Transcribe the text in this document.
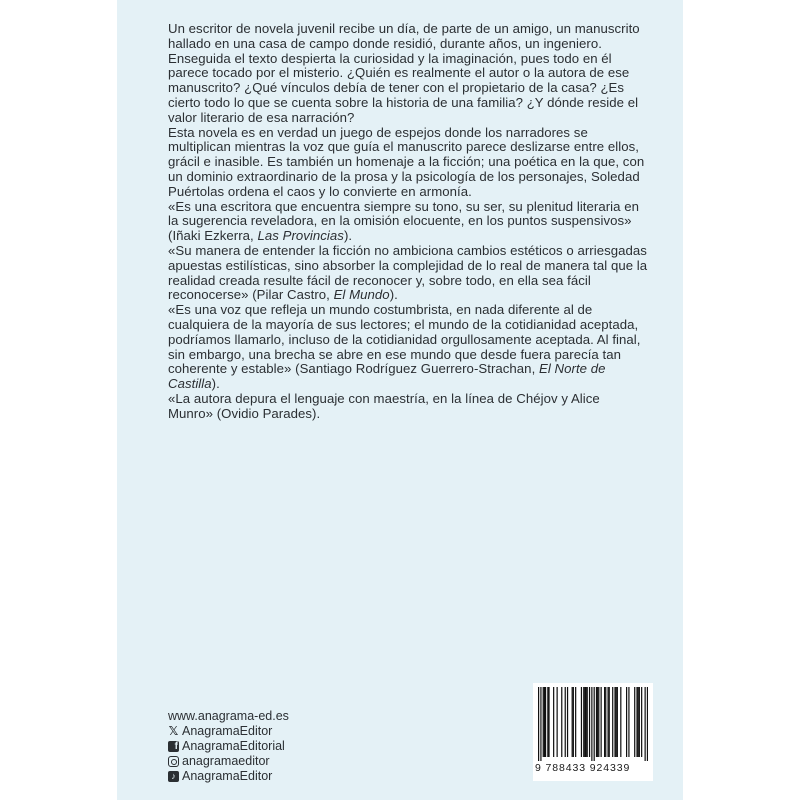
Un escritor de novela juvenil recibe un día, de parte de un amigo, un manuscrito hallado en una casa de campo donde residió, durante años, un ingeniero. Enseguida el texto despierta la curiosidad y la imaginación, pues todo en él parece tocado por el misterio. ¿Quién es realmente el autor o la autora de ese manuscrito? ¿Qué vínculos debía de tener con el propietario de la casa? ¿Es cierto todo lo que se cuenta sobre la historia de una familia? ¿Y dónde reside el valor literario de esa narración?

Esta novela es en verdad un juego de espejos donde los narradores se multiplican mientras la voz que guía el manuscrito parece deslizarse entre ellos, grácil e inasible. Es también un homenaje a la ficción; una poética en la que, con un dominio extraordinario de la prosa y la psicología de los personajes, Soledad Puértolas ordena el caos y lo convierte en armonía.

«Es una escritora que encuentra siempre su tono, su ser, su plenitud literaria en la sugerencia reveladora, en la omisión elocuente, en los puntos suspensivos» (Iñaki Ezkerra, Las Provincias).

«Su manera de entender la ficción no ambiciona cambios estéticos o arriesgadas apuestas estilísticas, sino absorber la complejidad de lo real de manera tal que la realidad creada resulte fácil de reconocer y, sobre todo, en ella sea fácil reconocerse» (Pilar Castro, El Mundo).

«Es una voz que refleja un mundo costumbrista, en nada diferente al de cualquiera de la mayoría de sus lectores; el mundo de la cotidianidad aceptada, podríamos llamarlo, incluso de la cotidianidad orgullosamente aceptada. Al final, sin embargo, una brecha se abre en ese mundo que desde fuera parecía tan coherente y estable» (Santiago Rodríguez Guerrero-Strachan, El Norte de Castilla).

«La autora depura el lenguaje con maestría, en la línea de Chéjov y Alice Munro» (Ovidio Parades).

www.anagrama-ed.es
𝕏 AnagramaEditor
f AnagramaEditorial
anagramaeditor
♪ AnagramaEditor
9 788433 924339
